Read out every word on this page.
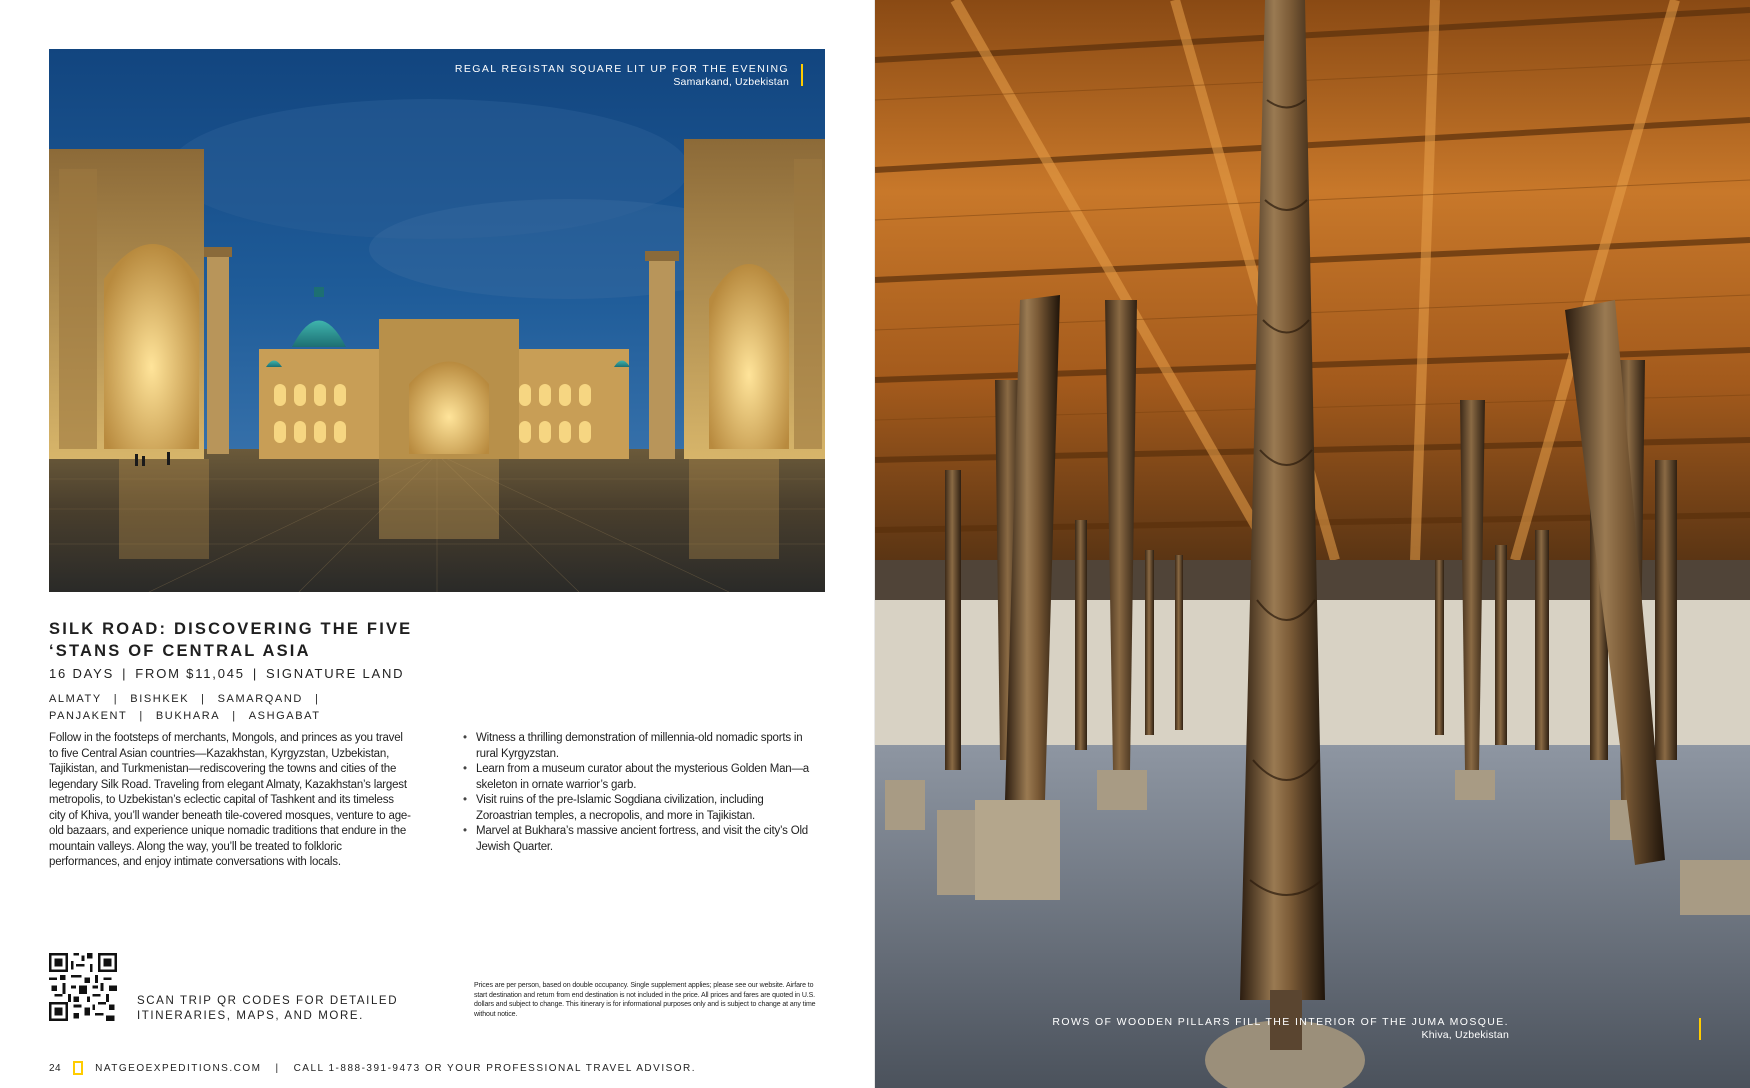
REGAL REGISTAN SQUARE LIT UP FOR THE EVENING
Samarkand, Uzbekistan
SILK ROAD: DISCOVERING THE FIVE ‘STANS OF CENTRAL ASIA
16 DAYS | FROM $11,045 | SIGNATURE LAND
ALMATY | BISHKEK | SAMARQAND |
PANJAKENT | BUKHARA | ASHGABAT
Follow in the footsteps of merchants, Mongols, and princes as you travel to five Central Asian countries—Kazakhstan, Kyrgyzstan, Uzbekistan, Tajikistan, and Turkmenistan—rediscovering the towns and cities of the legendary Silk Road. Traveling from elegant Almaty, Kazakhstan’s largest metropolis, to Uzbekistan’s eclectic capital of Tashkent and its timeless city of Khiva, you’ll wander beneath tile-covered mosques, venture to age-old bazaars, and experience unique nomadic traditions that endure in the mountain valleys. Along the way, you’ll be treated to folkloric performances, and enjoy intimate conversations with locals.
• Witness a thrilling demonstration of millennia-old nomadic sports in rural Kyrgyzstan.
• Learn from a museum curator about the mysterious Golden Man—a skeleton in ornate warrior’s garb.
• Visit ruins of the pre-Islamic Sogdiana civilization, including Zoroastrian temples, a necropolis, and more in Tajikistan.
• Marvel at Bukhara’s massive ancient fortress, and visit the city’s Old Jewish Quarter.
SCAN TRIP QR CODES FOR DETAILED ITINERARIES, MAPS, AND MORE.
Prices are per person, based on double occupancy. Single supplement applies; please see our website. Airfare to start destination and return from end destination is not included in the price. All prices and fares are quoted in U.S. dollars and subject to change. This itinerary is for informational purposes only and is subject to change at any time without notice.
24	NATGEOEXPEDITIONS.COM | CALL 1-888-391-9473 OR YOUR PROFESSIONAL TRAVEL ADVISOR.
ROWS OF WOODEN PILLARS FILL THE INTERIOR OF THE JUMA MOSQUE.
Khiva, Uzbekistan
